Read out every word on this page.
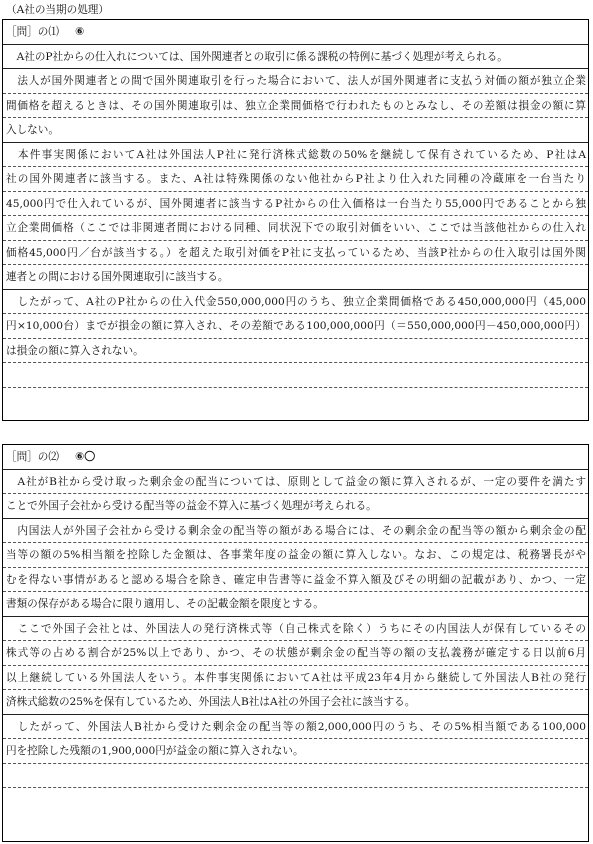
（A社の当期の処理）
［問］の⑴ ⑥
　A社のP社からの仕入れについては、国外関連者との取引に係る課税の特例に基づく処理が考えられる。
　法人が国外関連者との間で国外関連取引を行った場合において、法人が国外関連者に支払う対価の額が独立企業
間価格を超えるときは、その国外関連取引は、独立企業間価格で行われたものとみなし、その差額は損金の額に算
入しない。
　本件事実関係においてA社は外国法人P社に発行済株式総数の50%を継続して保有されているため、P社はA
社の国外関連者に該当する。また、A社は特殊関係のない他社からP社より仕入れた同種の冷蔵庫を一台当たり
45,000円で仕入れているが、国外関連者に該当するP社からの仕入価格は一台当たり55,000円であることから独
立企業間価格（ここでは非関連者間における同種、同状況下での取引対価をいい、ここでは当該他社からの仕入れ
価格45,000円／台が該当する。）を超えた取引対価をP社に支払っているため、当該P社からの仕入取引は国外関
連者との間における国外関連取引に該当する。
　したがって、A社のP社からの仕入代金550,000,000円のうち、独立企業間価格である450,000,000円（45,000
円×10,000台）までが損金の額に算入され、その差額である100,000,000円（＝550,000,000円－450,000,000円）
は損金の額に算入されない。
［問］の⑵ ⑥〇
　A社がB社から受け取った剰余金の配当については、原則として益金の額に算入されるが、一定の要件を満たす
ことで外国子会社から受ける配当等の益金不算入に基づく処理が考えられる。
　内国法人が外国子会社から受ける剰余金の配当等の額がある場合には、その剰余金の配当等の額から剰余金の配
当等の額の5%相当額を控除した金額は、各事業年度の益金の額に算入しない。なお、この規定は、税務署長がや
むを得ない事情があると認める場合を除き、確定申告書等に益金不算入額及びその明細の記載があり、かつ、一定
書類の保存がある場合に限り適用し、その記載金額を限度とする。
　ここで外国子会社とは、外国法人の発行済株式等（自己株式を除く）うちにその内国法人が保有しているその
株式等の占める割合が25%以上であり、かつ、その状態が剰余金の配当等の額の支払義務が確定する日以前6月
以上継続している外国法人をいう。本件事実関係においてA社は平成23年4月から継続して外国法人B社の発行
済株式総数の25%を保有しているため、外国法人B社はA社の外国子会社に該当する。
　したがって、外国法人B社から受けた剰余金の配当等の額2,000,000円のうち、その5%相当額である100,000
円を控除した残額の1,900,000円が益金の額に算入されない。
